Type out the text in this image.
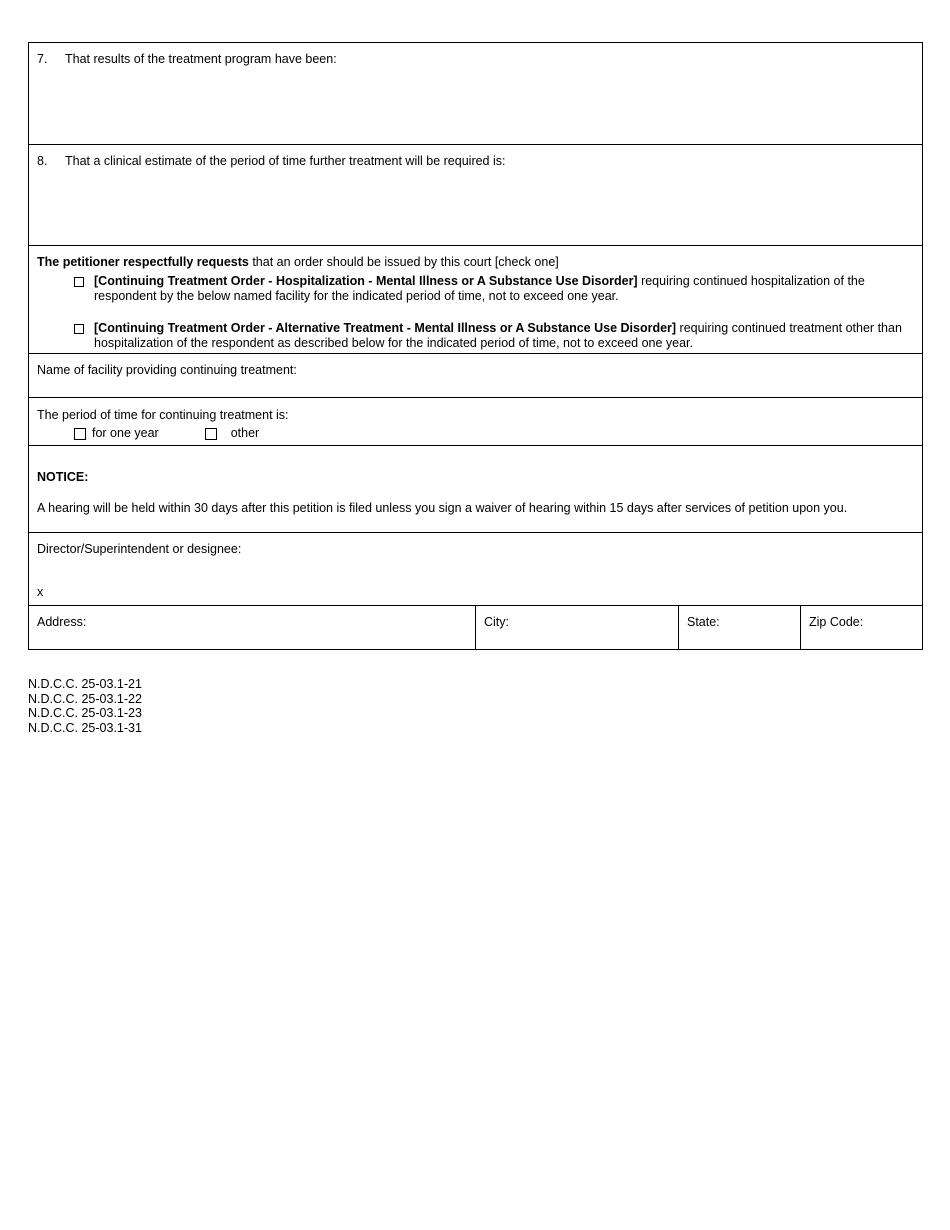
7. That results of the treatment program have been:
8. That a clinical estimate of the period of time further treatment will be required is:
The petitioner respectfully requests that an order should be issued by this court [check one]
[Continuing Treatment Order - Hospitalization - Mental Illness or A Substance Use Disorder] requiring continued hospitalization of the respondent by the below named facility for the indicated period of time, not to exceed one year.
[Continuing Treatment Order - Alternative Treatment - Mental Illness or A Substance Use Disorder] requiring continued treatment other than hospitalization of the respondent as described below for the indicated period of time, not to exceed one year.
Name of facility providing continuing treatment:
The period of time for continuing treatment is:
for one year	other
NOTICE:
A hearing will be held within 30 days after this petition is filed unless you sign a waiver of hearing within 15 days after services of petition upon you.
Director/Superintendent or designee:
x
Address:	City:	State:	Zip Code:
N.D.C.C. 25-03.1-21
N.D.C.C. 25-03.1-22
N.D.C.C. 25-03.1-23
N.D.C.C. 25-03.1-31
